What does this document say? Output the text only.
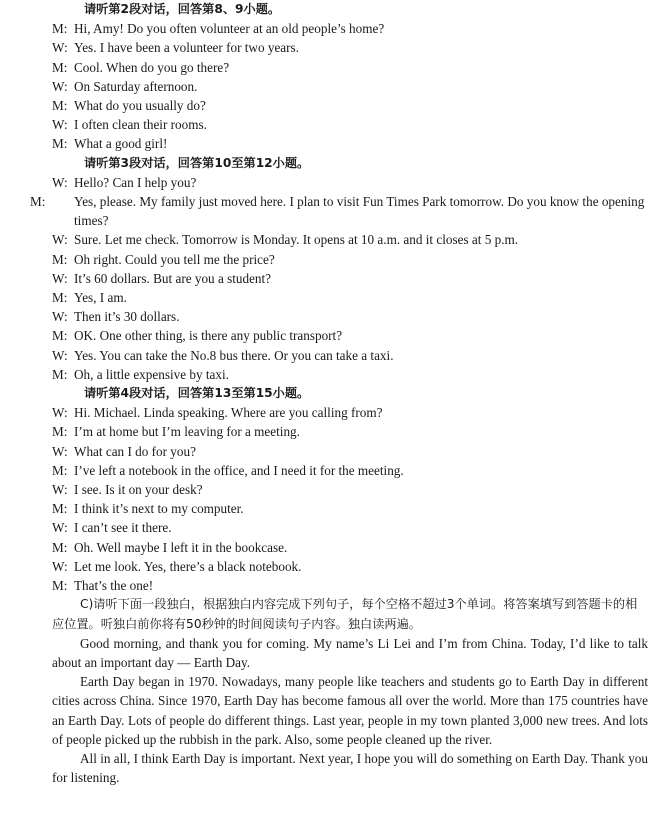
请听第2段对话，回答第8、9小题。
M: Hi, Amy! Do you often volunteer at an old people’s home?
W: Yes. I have been a volunteer for two years.
M: Cool. When do you go there?
W: On Saturday afternoon.
M: What do you usually do?
W: I often clean their rooms.
M: What a good girl!
请听第3段对话，回答第10至第12小题。
W: Hello? Can I help you?
M: Yes, please. My family just moved here. I plan to visit Fun Times Park tomorrow. Do you know the opening times?
W: Sure. Let me check. Tomorrow is Monday. It opens at 10 a.m. and it closes at 5 p.m.
M: Oh right. Could you tell me the price?
W: It’s 60 dollars. But are you a student?
M: Yes, I am.
W: Then it’s 30 dollars.
M: OK. One other thing, is there any public transport?
W: Yes. You can take the No.8 bus there. Or you can take a taxi.
M: Oh, a little expensive by taxi.
请听第4段对话，回答第13至第15小题。
W: Hi. Michael. Linda speaking. Where are you calling from?
M: I’m at home but I’m leaving for a meeting.
W: What can I do for you?
M: I’ve left a notebook in the office, and I need it for the meeting.
W: I see. Is it on your desk?
M: I think it’s next to my computer.
W: I can’t see it there.
M: Oh. Well maybe I left it in the bookcase.
W: Let me look. Yes, there’s a black notebook.
M: That’s the one!
C)请听下面一段独白，根据独白内容完成下列句子，每个空格不超过3个单词。将答案填写到答题卡的相应位置。听独白前你将有50秒钟的时间阅读句子内容。独白读两遍。
Good morning, and thank you for coming. My name’s Li Lei and I’m from China. Today, I’d like to talk about an important day — Earth Day.
Earth Day began in 1970. Nowadays, many people like teachers and students go to Earth Day in different cities across China. Since 1970, Earth Day has become famous all over the world. More than 175 countries have an Earth Day. Lots of people do different things. Last year, people in my town planted 3,000 new trees. And lots of people picked up the rubbish in the park. Also, some people cleaned up the river.
All in all, I think Earth Day is important. Next year, I hope you will do something on Earth Day. Thank you for listening.
